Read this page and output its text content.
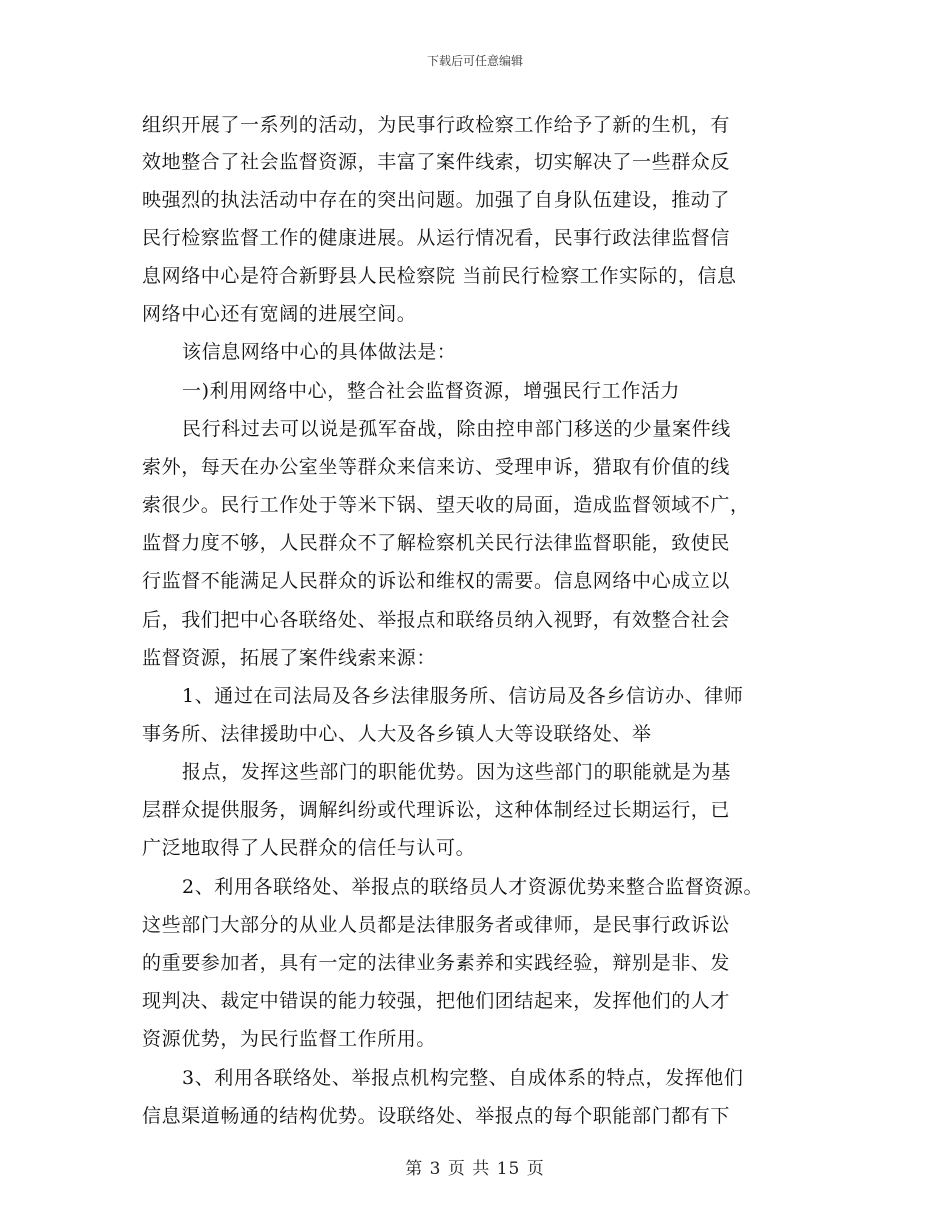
下载后可任意编辑
组织开展了一系列的活动，为民事行政检察工作给予了新的生机，有
效地整合了社会监督资源，丰富了案件线索，切实解决了一些群众反
映强烈的执法活动中存在的突出问题。加强了自身队伍建设，推动了
民行检察监督工作的健康进展。从运行情况看，民事行政法律监督信
息网络中心是符合新野县人民检察院 当前民行检察工作实际的，信息
网络中心还有宽阔的进展空间。
该信息网络中心的具体做法是：
一)利用网络中心，整合社会监督资源，增强民行工作活力
民行科过去可以说是孤军奋战，除由控申部门移送的少量案件线
索外，每天在办公室坐等群众来信来访、受理申诉，猎取有价值的线
索很少。民行工作处于等米下锅、望天收的局面，造成监督领域不广，
监督力度不够，人民群众不了解检察机关民行法律监督职能，致使民
行监督不能满足人民群众的诉讼和维权的需要。信息网络中心成立以
后，我们把中心各联络处、举报点和联络员纳入视野，有效整合社会
监督资源，拓展了案件线索来源：
1、通过在司法局及各乡法律服务所、信访局及各乡信访办、律师
事务所、法律援助中心、人大及各乡镇人大等设联络处、举
报点，发挥这些部门的职能优势。因为这些部门的职能就是为基
层群众提供服务，调解纠纷或代理诉讼，这种体制经过长期运行，已
广泛地取得了人民群众的信任与认可。
2、利用各联络处、举报点的联络员人才资源优势来整合监督资源。
这些部门大部分的从业人员都是法律服务者或律师，是民事行政诉讼
的重要参加者，具有一定的法律业务素养和实践经验，辩别是非、发
现判决、裁定中错误的能力较强，把他们团结起来，发挥他们的人才
资源优势，为民行监督工作所用。
3、利用各联络处、举报点机构完整、自成体系的特点，发挥他们
信息渠道畅通的结构优势。设联络处、举报点的每个职能部门都有下
第 3 页 共 15 页
